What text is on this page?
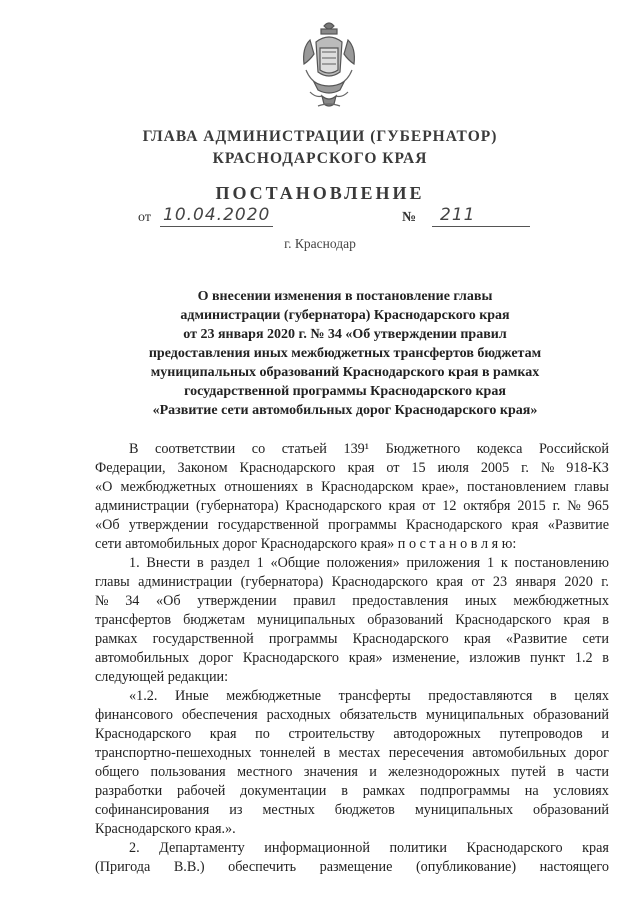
ГЛАВА АДМИНИСТРАЦИИ (ГУБЕРНАТОР)
КРАСНОДАРСКОГО КРАЯ
ПОСТАНОВЛЕНИЕ
от 10.04.2020	№ 211
г. Краснодар
О внесении изменения в постановление главы
администрации (губернатора) Краснодарского края
от 23 января 2020 г. № 34 «Об утверждении правил
предоставления иных межбюджетных трансфертов бюджетам
муниципальных образований Краснодарского края в рамках
государственной программы Краснодарского края
«Развитие сети автомобильных дорог Краснодарского края»
В соответствии со статьей 139¹ Бюджетного кодекса Российской
Федерации, Законом Краснодарского края от 15 июля 2005 г. № 918-КЗ
«О межбюджетных отношениях в Краснодарском крае», постановлением главы
администрации (губернатора) Краснодарского края от 12 октября 2015 г. № 965
«Об утверждении государственной программы Краснодарского края «Развитие
сети автомобильных дорог Краснодарского края» п о с т а н о в л я ю:
1. Внести в раздел 1 «Общие положения» приложения 1 к постановлению
главы администрации (губернатора) Краснодарского края от 23 января 2020 г.
№ 34 «Об утверждении правил предоставления иных межбюджетных
трансфертов бюджетам муниципальных образований Краснодарского края в
рамках государственной программы Краснодарского края «Развитие сети
автомобильных дорог Краснодарского края» изменение, изложив пункт 1.2 в
следующей редакции:
«1.2. Иные межбюджетные трансферты предоставляются в целях
финансового обеспечения расходных обязательств муниципальных образований
Краснодарского края по строительству автодорожных путепроводов и
транспортно-пешеходных тоннелей в местах пересечения автомобильных дорог
общего пользования местного значения и железнодорожных путей в части
разработки рабочей документации в рамках подпрограммы на условиях
софинансирования из местных бюджетов муниципальных образований
Краснодарского края.».
2. Департаменту информационной политики Краснодарского края
(Пригода В.В.) обеспечить размещение (опубликование) настоящего
